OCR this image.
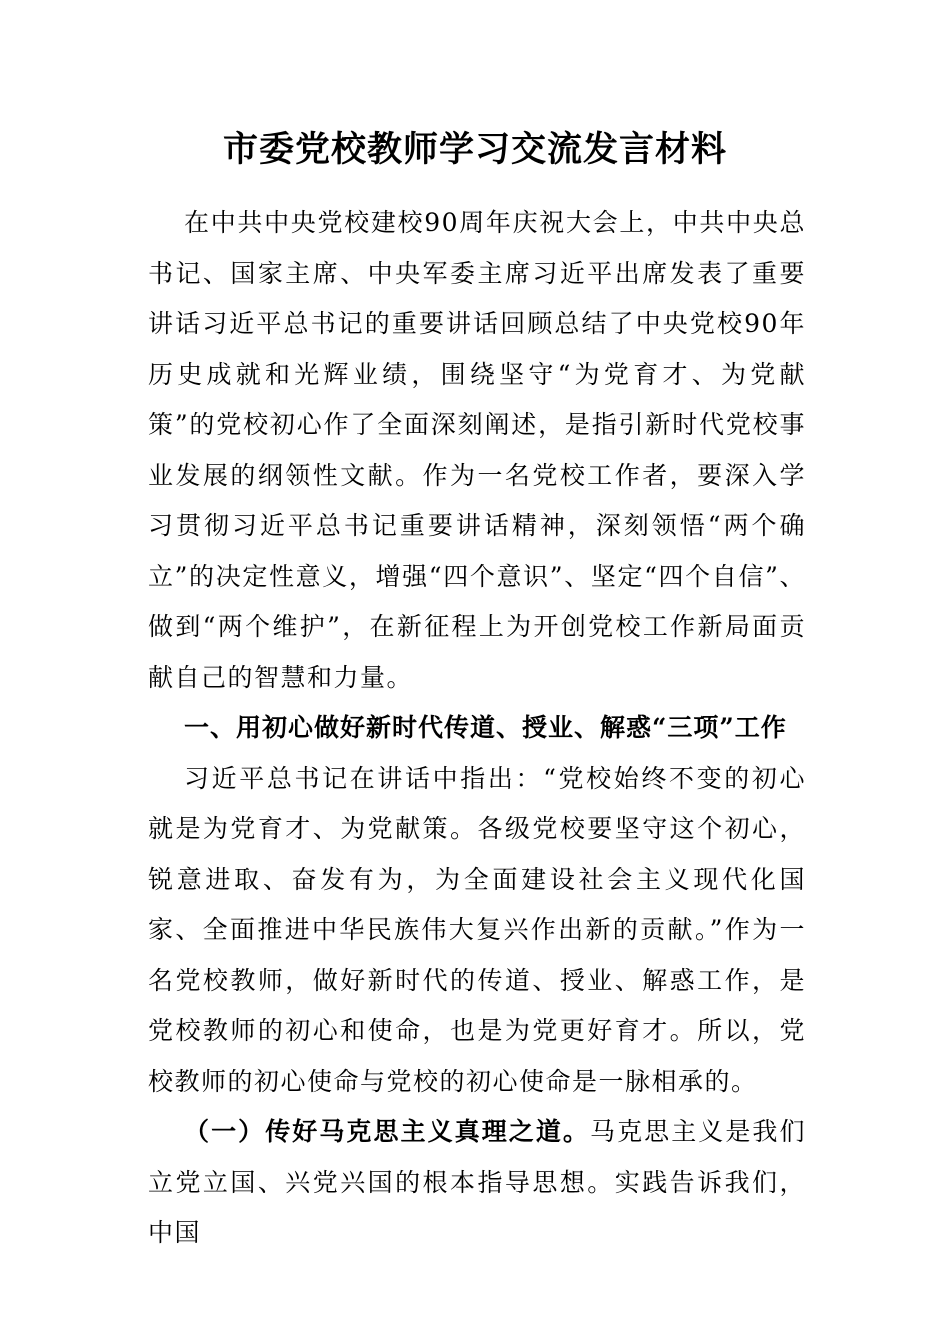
市委党校教师学习交流发言材料

在中共中央党校建校90周年庆祝大会上，中共中央总书记、国家主席、中央军委主席习近平出席发表了重要讲话习近平总书记的重要讲话回顾总结了中央党校90年历史成就和光辉业绩，围绕坚守“为党育才、为党献策”的党校初心作了全面深刻阐述，是指引新时代党校事业发展的纲领性文献。作为一名党校工作者，要深入学习贯彻习近平总书记重要讲话精神，深刻领悟“两个确立”的决定性意义，增强“四个意识”、坚定“四个自信”、做到“两个维护”，在新征程上为开创党校工作新局面贡献自己的智慧和力量。

一、用初心做好新时代传道、授业、解惑“三项”工作

习近平总书记在讲话中指出：“党校始终不变的初心就是为党育才、为党献策。各级党校要坚守这个初心，锐意进取、奋发有为，为全面建设社会主义现代化国家、全面推进中华民族伟大复兴作出新的贡献。”作为一名党校教师，做好新时代的传道、授业、解惑工作，是党校教师的初心和使命，也是为党更好育才。所以，党校教师的初心使命与党校的初心使命是一脉相承的。

（一）传好马克思主义真理之道。马克思主义是我们立党立国、兴党兴国的根本指导思想。实践告诉我们，中国
